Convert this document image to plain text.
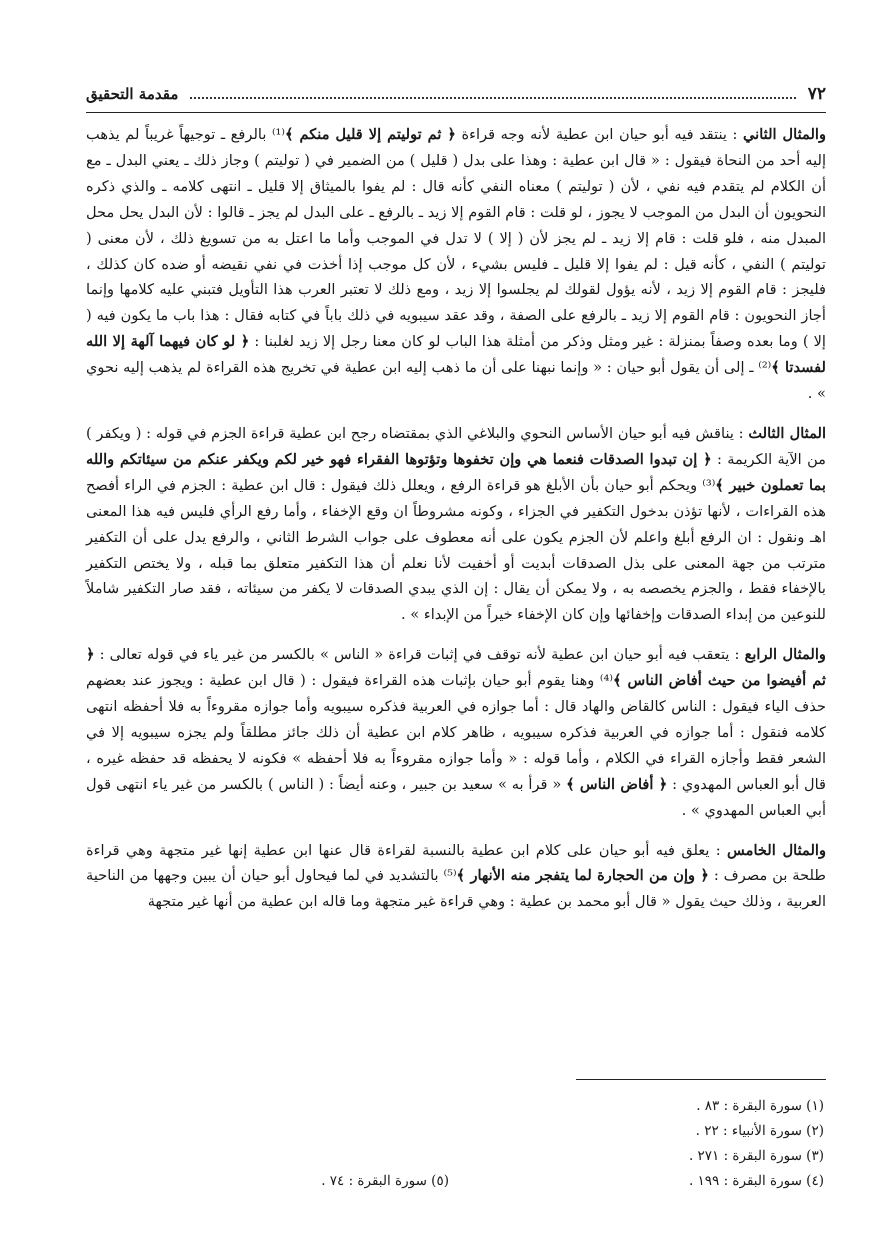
٧٢
مقدمة التحقيق

والمثال الثاني : ينتقد فيه أبو حيان ابن عطية لأنه وجه قراءة ﴿ ثم توليتم إلا قليل منكم ﴾⁽¹⁾ بالرفع ـ توجيهاً غريباً لم يذهب إليه أحد من النحاة فيقول : « قال ابن عطية : وهذا على بدل ( قليل ) من الضمير في ( توليتم ) وجاز ذلك ـ يعني البدل ـ مع أن الكلام لم يتقدم فيه نفي ، لأن ( توليتم ) معناه النفي كأنه قال : لم يفوا بالميثاق إلا قليل ـ انتهى كلامه ـ والذي ذكره النحويون أن البدل من الموجب لا يجوز ، لو قلت : قام القوم إلا زيد ـ بالرفع ـ على البدل لم يجز ـ قالوا : لأن البدل يحل محل المبدل منه ، فلو قلت : قام إلا زيد ـ لم يجز لأن ( إلا ) لا تدل في الموجب وأما ما اعتل به من تسويغ ذلك ، لأن معنى ( توليتم ) النفي ، كأنه قيل : لم يفوا إلا قليل ـ فليس بشيء ، لأن كل موجب إذا أخذت في نفي نقيضه أو ضده كان كذلك ، فليجز : قام القوم إلا زيد ، لأنه يؤول لقولك لم يجلسوا إلا زيد ، ومع ذلك لا تعتبر العرب هذا التأويل فتبني عليه كلامها وإنما أجاز النحويون : قام القوم إلا زيد ـ بالرفع على الصفة ، وقد عقد سيبويه في ذلك باباً في كتابه فقال : هذا باب ما يكون فيه ( إلا ) وما بعده وصفاً بمنزلة : غير ومثل وذكر من أمثلة هذا الباب لو كان معنا رجل إلا زيد لغلبنا : ﴿ لو كان فيهما آلهة إلا الله لفسدتا ﴾⁽²⁾ ـ إلى أن يقول أبو حيان : « وإنما نبهنا على أن ما ذهب إليه ابن عطية في تخريج هذه القراءة لم يذهب إليه نحوي » .

المثال الثالث : يناقش فيه أبو حيان الأساس النحوي والبلاغي الذي بمقتضاه رجح ابن عطية قراءة الجزم في قوله : ( ويكفر ) من الآية الكريمة : ﴿ إن تبدوا الصدقات فنعما هي وإن تخفوها وتؤتوها الفقراء فهو خير لكم ويكفر عنكم من سيئاتكم والله بما تعملون خبير ﴾⁽³⁾ ويحكم أبو حيان بأن الأبلغ هو قراءة الرفع ، ويعلل ذلك فيقول : قال ابن عطية : الجزم في الراء أفصح هذه القراءات ، لأنها تؤذن بدخول التكفير في الجزاء ، وكونه مشروطاً ان وقع الإخفاء ، وأما رفع الرأي فليس فيه هذا المعنى اهـ ونقول : ان الرفع أبلغ واعلم لأن الجزم يكون على أنه معطوف على جواب الشرط الثاني ، والرفع يدل على أن التكفير مترتب من جهة المعنى على بذل الصدقات أبديت أو أخفيت لأنا نعلم أن هذا التكفير متعلق بما قبله ، ولا يختص التكفير بالإخفاء فقط ، والجزم يخصصه به ، ولا يمكن أن يقال : إن الذي يبدي الصدقات لا يكفر من سيئاته ، فقد صار التكفير شاملاً للنوعين من إبداء الصدقات وإخفائها وإن كان الإخفاء خيراً من الإبداء » .

والمثال الرابع : يتعقب فيه أبو حيان ابن عطية لأنه توقف في إثبات قراءة « الناس » بالكسر من غير ياء في قوله تعالى : ﴿ ثم أفيضوا من حيث أفاض الناس ﴾⁽⁴⁾ وهنا يقوم أبو حيان بإثبات هذه القراءة فيقول : ( قال ابن عطية : ويجوز عند بعضهم حذف الياء فيقول : الناس كالقاض والهاد قال : أما جوازه في العربية فذكره سيبويه وأما جوازه مقروءاً به فلا أحفظه انتهى كلامه فنقول : أما جوازه في العربية فذكره سيبويه ، ظاهر كلام ابن عطية أن ذلك جائز مطلقاً ولم يجزه سيبويه إلا في الشعر فقط وأجازه القراء في الكلام ، وأما قوله : « وأما جوازه مقروءاً به فلا أحفظه » فكونه لا يحفظه قد حفظه غيره ، قال أبو العباس المهدوي : ﴿ أفاض الناس ﴾ « قرأ به » سعيد بن جبير ، وعنه أيضاً : ( الناس ) بالكسر من غير ياء انتهى قول أبي العباس المهدوي » .

والمثال الخامس : يعلق فيه أبو حيان على كلام ابن عطية بالنسبة لقراءة قال عنها ابن عطية إنها غير متجهة وهي قراءة طلحة بن مصرف : ﴿ وإن من الحجارة لما يتفجر منه الأنهار ﴾⁽⁵⁾ بالتشديد في لما فيحاول أبو حيان أن يبين وجهها من الناحية العربية ، وذلك حيث يقول « قال أبو محمد بن عطية : وهي قراءة غير متجهة وما قاله ابن عطية من أنها غير متجهة

(١) سورة البقرة : ٨٣ .
(٢) سورة الأنبياء : ٢٢ .
(٣) سورة البقرة : ٢٧١ .
(٤) سورة البقرة : ١٩٩ .
(٥) سورة البقرة : ٧٤ .
